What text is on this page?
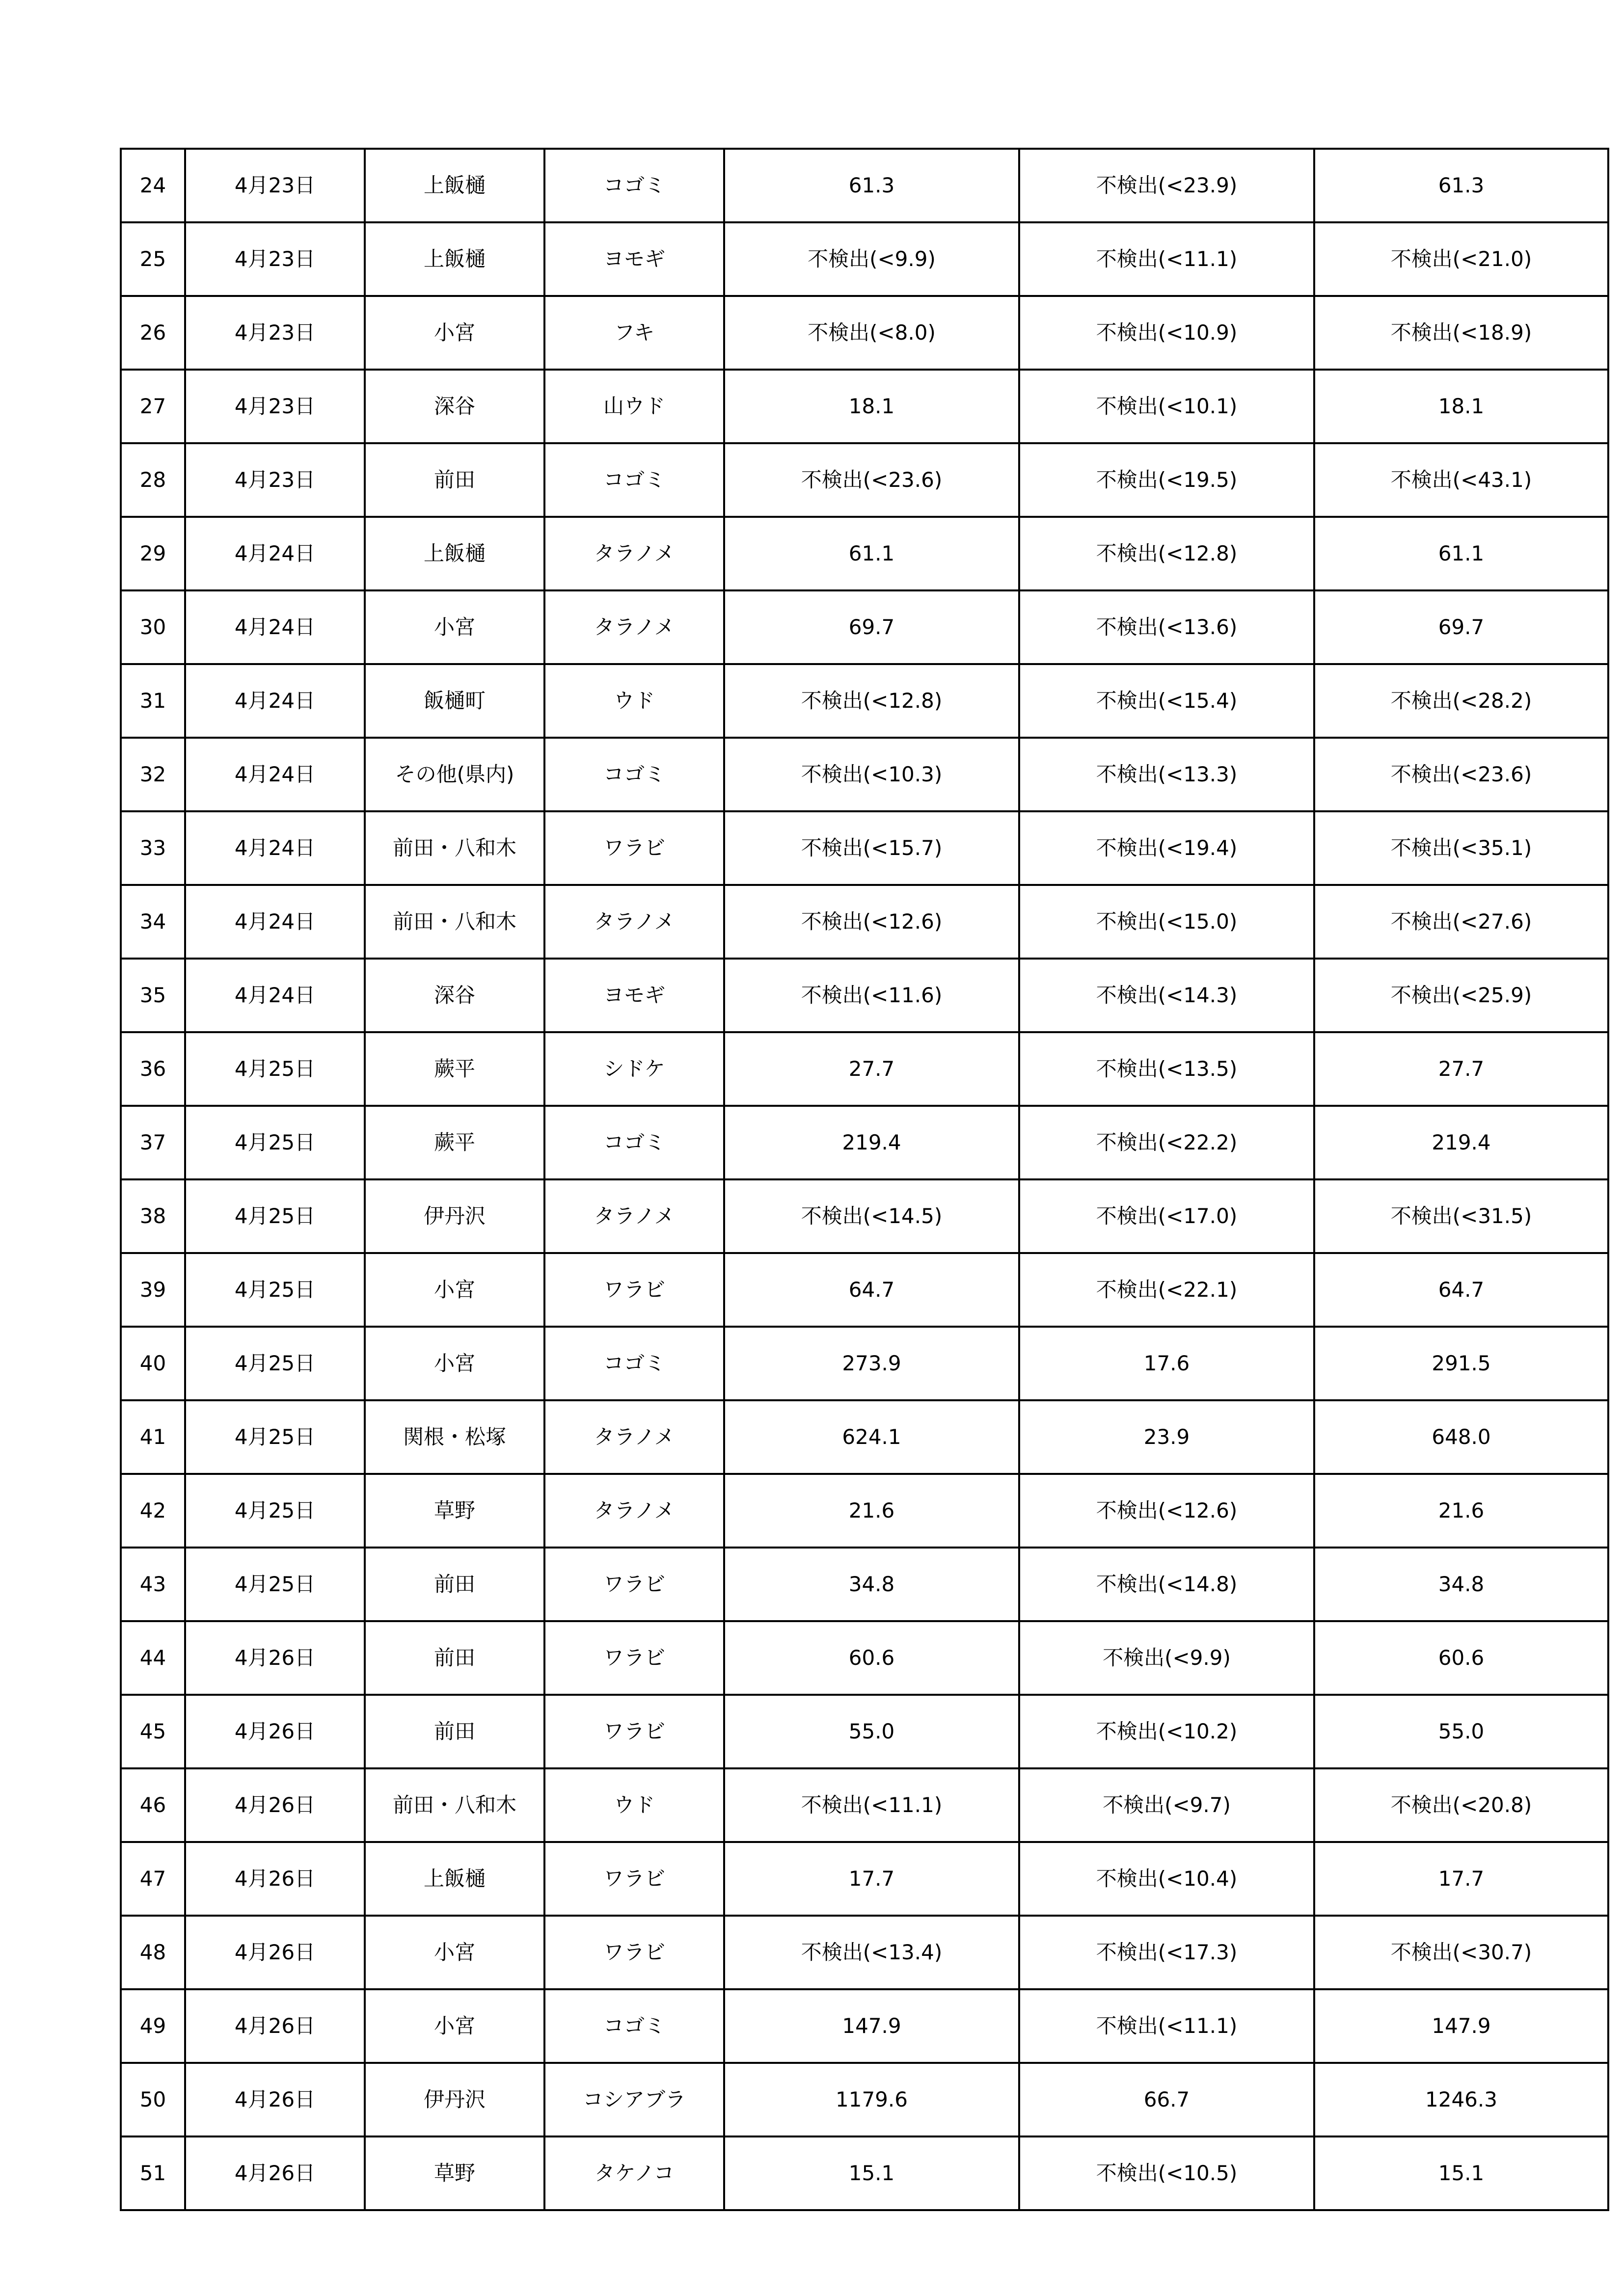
24	4月23日	上飯樋	コゴミ	61.3	不検出(<23.9)	61.3
25	4月23日	上飯樋	ヨモギ	不検出(<9.9)	不検出(<11.1)	不検出(<21.0)
26	4月23日	小宮	フキ	不検出(<8.0)	不検出(<10.9)	不検出(<18.9)
27	4月23日	深谷	山ウド	18.1	不検出(<10.1)	18.1
28	4月23日	前田	コゴミ	不検出(<23.6)	不検出(<19.5)	不検出(<43.1)
29	4月24日	上飯樋	タラノメ	61.1	不検出(<12.8)	61.1
30	4月24日	小宮	タラノメ	69.7	不検出(<13.6)	69.7
31	4月24日	飯樋町	ウド	不検出(<12.8)	不検出(<15.4)	不検出(<28.2)
32	4月24日	その他(県内)	コゴミ	不検出(<10.3)	不検出(<13.3)	不検出(<23.6)
33	4月24日	前田・八和木	ワラビ	不検出(<15.7)	不検出(<19.4)	不検出(<35.1)
34	4月24日	前田・八和木	タラノメ	不検出(<12.6)	不検出(<15.0)	不検出(<27.6)
35	4月24日	深谷	ヨモギ	不検出(<11.6)	不検出(<14.3)	不検出(<25.9)
36	4月25日	蕨平	シドケ	27.7	不検出(<13.5)	27.7
37	4月25日	蕨平	コゴミ	219.4	不検出(<22.2)	219.4
38	4月25日	伊丹沢	タラノメ	不検出(<14.5)	不検出(<17.0)	不検出(<31.5)
39	4月25日	小宮	ワラビ	64.7	不検出(<22.1)	64.7
40	4月25日	小宮	コゴミ	273.9	17.6	291.5
41	4月25日	関根・松塚	タラノメ	624.1	23.9	648.0
42	4月25日	草野	タラノメ	21.6	不検出(<12.6)	21.6
43	4月25日	前田	ワラビ	34.8	不検出(<14.8)	34.8
44	4月26日	前田	ワラビ	60.6	不検出(<9.9)	60.6
45	4月26日	前田	ワラビ	55.0	不検出(<10.2)	55.0
46	4月26日	前田・八和木	ウド	不検出(<11.1)	不検出(<9.7)	不検出(<20.8)
47	4月26日	上飯樋	ワラビ	17.7	不検出(<10.4)	17.7
48	4月26日	小宮	ワラビ	不検出(<13.4)	不検出(<17.3)	不検出(<30.7)
49	4月26日	小宮	コゴミ	147.9	不検出(<11.1)	147.9
50	4月26日	伊丹沢	コシアブラ	1179.6	66.7	1246.3
51	4月26日	草野	タケノコ	15.1	不検出(<10.5)	15.1
